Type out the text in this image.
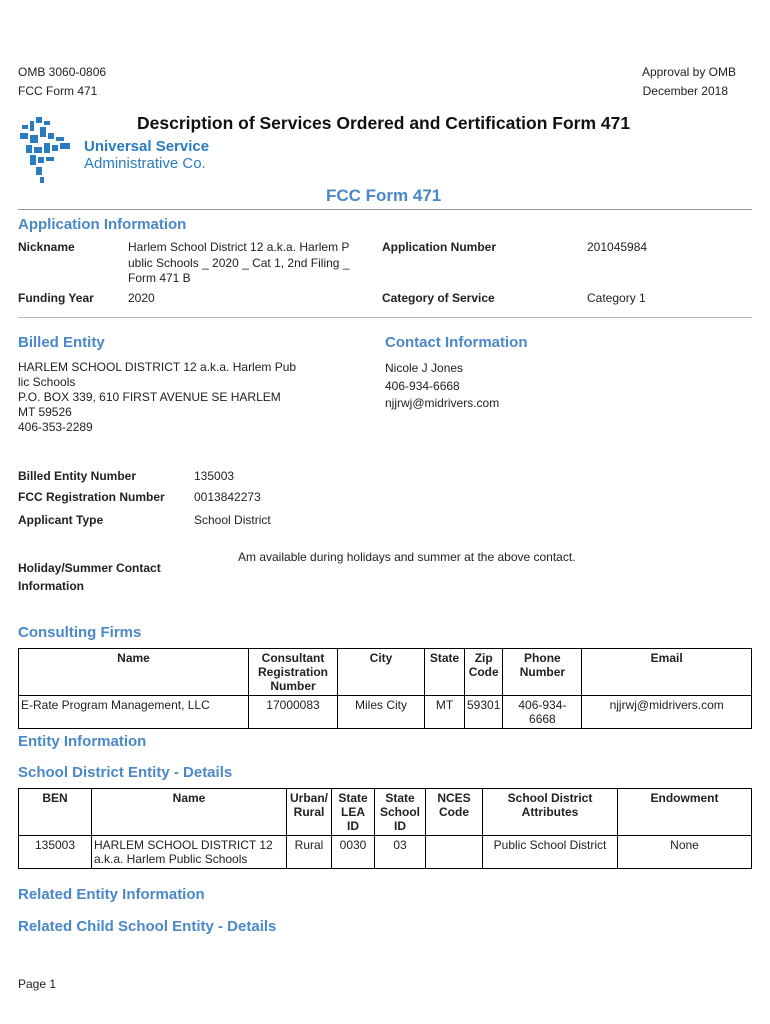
OMB 3060-0806
FCC Form 471
Approval by OMB
December 2018
Universal Service
Administrative Co.
Description of Services Ordered and Certification Form 471
FCC Form 471
Application Information
Nickname	Harlem School District 12 a.k.a. Harlem P
ublic Schools _ 2020 _ Cat 1, 2nd Filing _
Form 471 B
Application Number	201045984
Funding Year	2020	Category of Service	Category 1
Billed Entity
HARLEM SCHOOL DISTRICT 12 a.k.a. Harlem Pub
lic Schools
P.O. BOX 339, 610 FIRST AVENUE SE HARLEM
MT 59526
406-353-2289
Contact Information
Nicole J Jones
406-934-6668
njjrwj@midrivers.com
Billed Entity Number	135003
FCC Registration Number 0013842273
Applicant Type	School District
Holiday/Summer Contact
Information
Am available during holidays and summer at the above contact.
Consulting Firms
Name	Consultant Registration Number	City	State	Zip Code	Phone Number	Email
E-Rate Program Management, LLC	17000083	Miles City	MT	59301	406-934-6668	njjrwj@midrivers.com
Entity Information
School District Entity - Details
BEN	Name	Urban/ Rural	State LEA ID	State School ID	NCES Code	School District Attributes	Endowment
135003	HARLEM SCHOOL DISTRICT 12 a.k.a. Harlem Public Schools	Rural	0030	03		Public School District	None
Related Entity Information
Related Child School Entity - Details
Page 1
